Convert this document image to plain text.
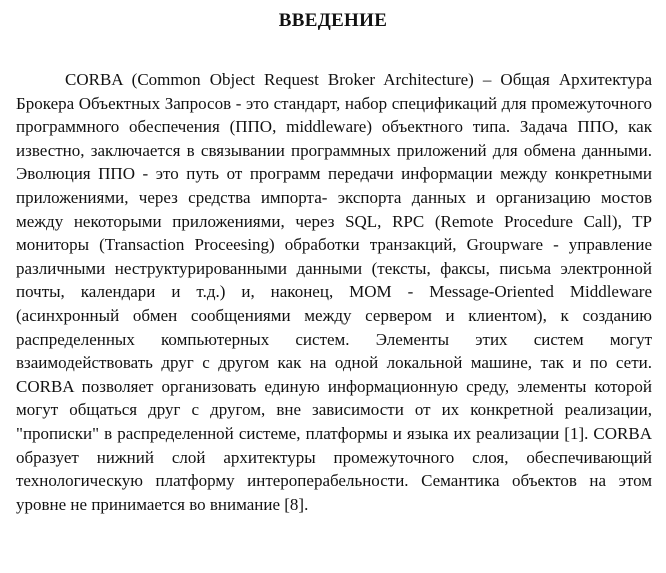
ВВЕДЕНИЕ

CORBA (Common Object Request Broker Architecture) – Общая Архитектура Брокера Объектных Запросов - это стандарт, набор спецификаций для промежуточного программного обеспечения (ППО, middleware) объектного типа. Задача ППО, как известно, заключается в связывании программных приложений для обмена данными. Эволюция ППО - это путь от программ передачи информации между конкретными приложениями, через средства импорта- экспорта данных и организацию мостов между некоторыми приложениями, через SQL, RPC (Remote Procedure Call), TP мониторы (Transaction Proceesing) обработки транзакций, Groupware - управление различными неструктурированными данными (тексты, факсы, письма электронной почты, календари и т.д.) и, наконец, MOM - Message-Oriented Middleware (асинхронный обмен сообщениями между сервером и клиентом), к созданию распределенных компьютерных систем. Элементы этих систем могут взаимодействовать друг с другом как на одной локальной машине, так и по сети. CORBA позволяет организовать единую информационную среду, элементы которой могут общаться друг с другом, вне зависимости от их конкретной реализации, "прописки" в распределенной системе, платформы и языка их реализации [1]. CORBA образует нижний слой архитектуры промежуточного слоя, обеспечивающий технологическую платформу интероперабельности. Семантика объектов на этом уровне не принимается во внимание [8].
